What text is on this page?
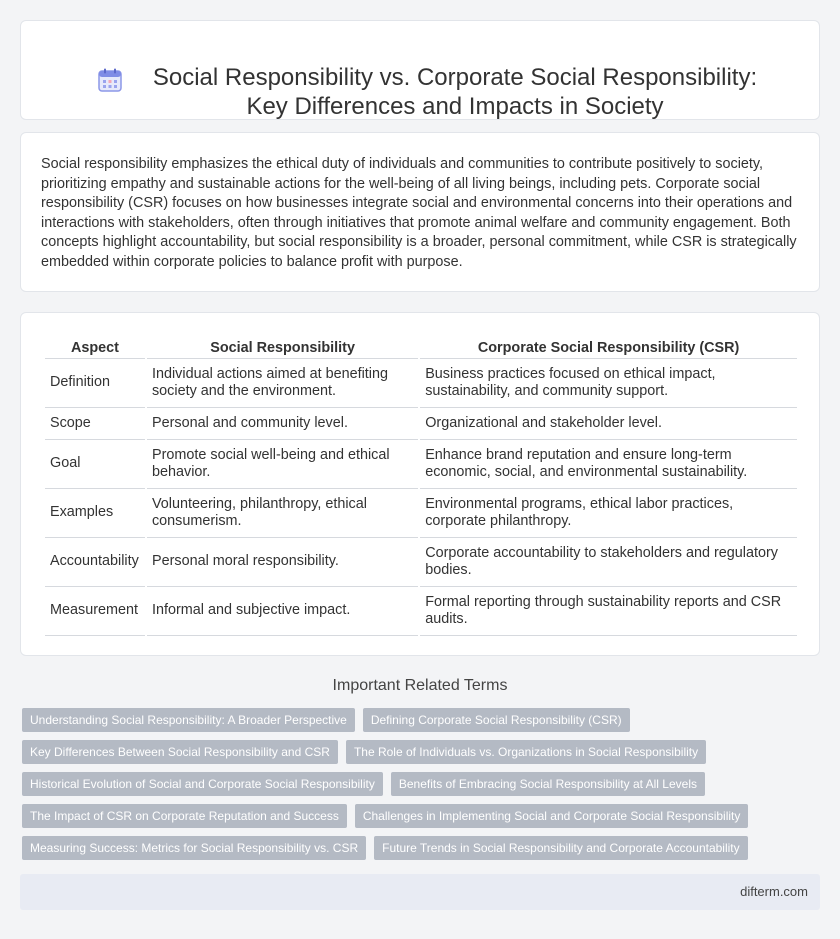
Social Responsibility vs. Corporate Social Responsibility: Key Differences and Impacts in Society

Social responsibility emphasizes the ethical duty of individuals and communities to contribute positively to society, prioritizing empathy and sustainable actions for the well-being of all living beings, including pets. Corporate social responsibility (CSR) focuses on how businesses integrate social and environmental concerns into their operations and interactions with stakeholders, often through initiatives that promote animal welfare and community engagement. Both concepts highlight accountability, but social responsibility is a broader, personal commitment, while CSR is strategically embedded within corporate policies to balance profit with purpose.

Aspect	Social Responsibility	Corporate Social Responsibility (CSR)
Definition	Individual actions aimed at benefiting society and the environment.	Business practices focused on ethical impact, sustainability, and community support.
Scope	Personal and community level.	Organizational and stakeholder level.
Goal	Promote social well-being and ethical behavior.	Enhance brand reputation and ensure long-term economic, social, and environmental sustainability.
Examples	Volunteering, philanthropy, ethical consumerism.	Environmental programs, ethical labor practices, corporate philanthropy.
Accountability	Personal moral responsibility.	Corporate accountability to stakeholders and regulatory bodies.
Measurement	Informal and subjective impact.	Formal reporting through sustainability reports and CSR audits.
Important Related Terms
Understanding Social Responsibility: A Broader Perspective	Defining Corporate Social Responsibility (CSR)
Key Differences Between Social Responsibility and CSR	The Role of Individuals vs. Organizations in Social Responsibility
Historical Evolution of Social and Corporate Social Responsibility	Benefits of Embracing Social Responsibility at All Levels
The Impact of CSR on Corporate Reputation and Success	Challenges in Implementing Social and Corporate Social Responsibility
Measuring Success: Metrics for Social Responsibility vs. CSR	Future Trends in Social Responsibility and Corporate Accountability
difterm.com
